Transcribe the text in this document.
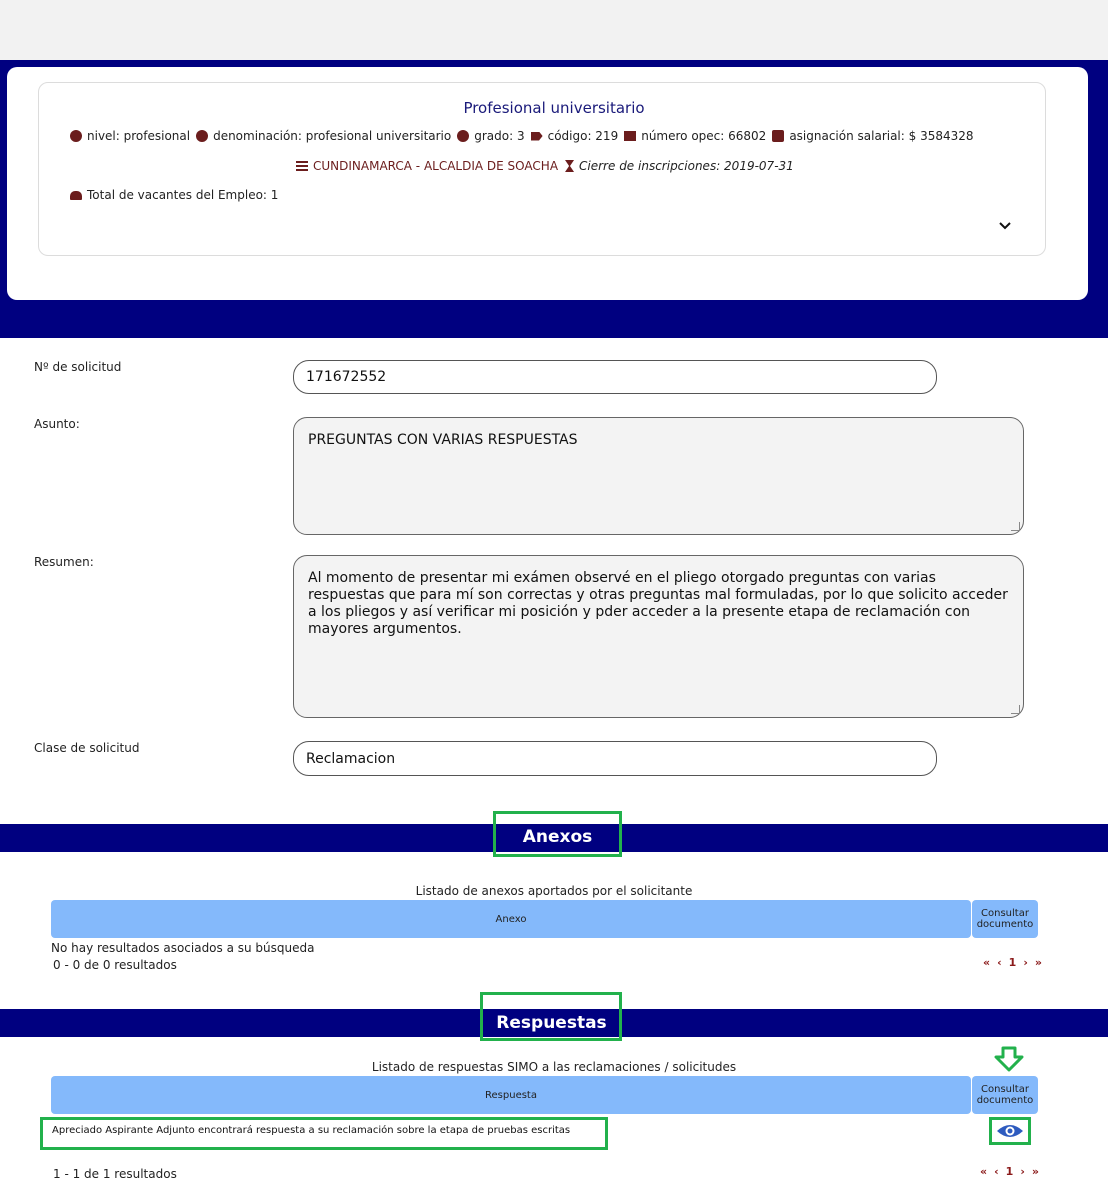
Profesional universitario
nivel: profesional denominación: profesional universitario grado: 3 código: 219 número opec: 66802 asignación salarial: $ 3584328
CUNDINAMARCA - ALCALDIA DE SOACHA Cierre de inscripciones: 2019-07-31
Total de vacantes del Empleo: 1
Nº de solicitud
171672552
Asunto:
PREGUNTAS CON VARIAS RESPUESTAS
Resumen:
Al momento de presentar mi exámen observé en el pliego otorgado preguntas con varias respuestas que para mí son correctas y otras preguntas mal formuladas, por lo que solicito acceder a los pliegos y así verificar mi posición y pder acceder a la presente etapa de reclamación con mayores argumentos.
Clase de solicitud
Reclamacion
Anexos
Listado de anexos aportados por el solicitante
Anexo	Consultar documento
No hay resultados asociados a su búsqueda
0 - 0 de 0 resultados	« ‹ 1 › »
Respuestas
Listado de respuestas SIMO a las reclamaciones / solicitudes
Respuesta	Consultar documento
Apreciado Aspirante Adjunto encontrará respuesta a su reclamación sobre la etapa de pruebas escritas
1 - 1 de 1 resultados	« ‹ 1 › »
